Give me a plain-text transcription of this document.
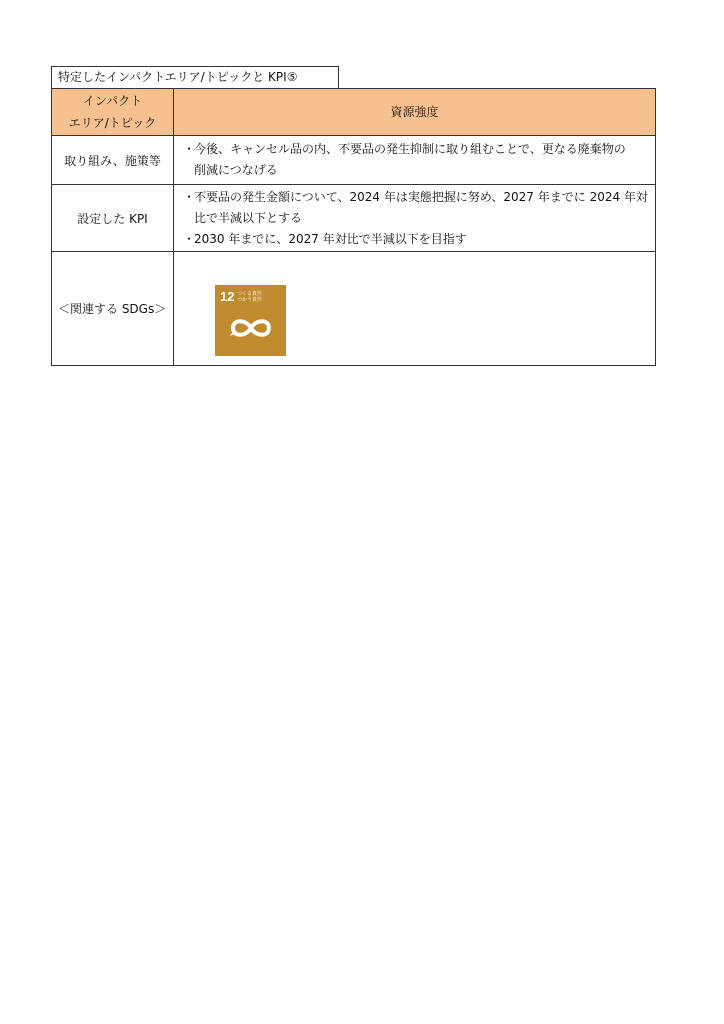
特定したインパクトエリア/トピックと KPI⑤
インパクト
エリア/トピック	資源強度
取り組み、施策等	・
今後、キャンセル品の内、不要品の発生抑制に取り組むことで、更なる廃棄物の
削減につなげる

設定した KPI	・
不要品の発生金額について、2024 年は実態把握に努め、2027 年までに 2024 年対
比で半減以下とする
・
2030 年までに、2027 年対比で半減以下を目指す

＜関連する SDGs＞	12 つくる責任
つかう責任
